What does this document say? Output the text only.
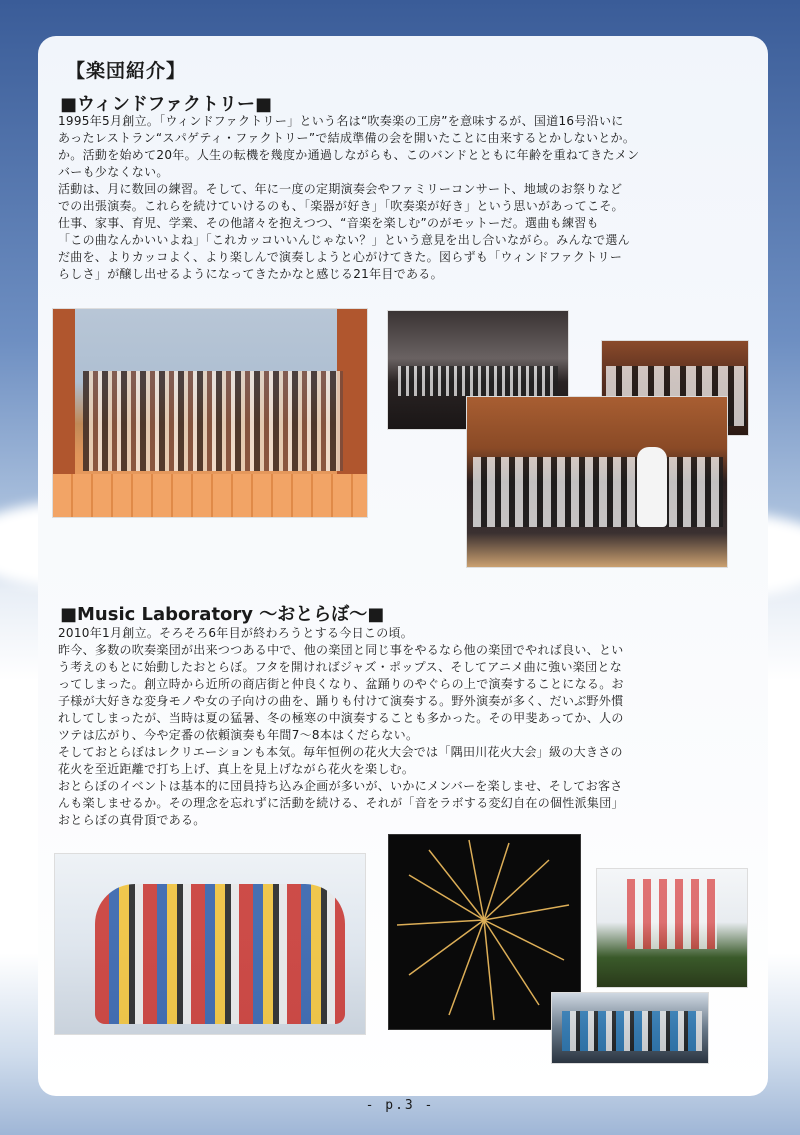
【楽団紹介】
■ウィンドファクトリー■

1995年5月創立。「ウィンドファクトリー」という名は“吹奏楽の工房”を意味するが、国道16号沿いに

あったレストラン“スパゲティ・ファクトリー”で結成準備の会を開いたことに由来するとかしないとか。

か。活動を始めて20年。人生の転機を幾度か通過しながらも、このバンドとともに年齢を重ねてきたメン

バーも少なくない。

活動は、月に数回の練習。そして、年に一度の定期演奏会やファミリーコンサート、地域のお祭りなど

での出張演奏。これらを続けていけるのも、「楽器が好き」「吹奏楽が好き」という思いがあってこそ。

仕事、家事、育児、学業、その他諸々を抱えつつ、“音楽を楽しむ”のがモットーだ。選曲も練習も

「この曲なんかいいよね」「これカッコいいんじゃない？」という意見を出し合いながら。みんなで選ん

だ曲を、よりカッコよく、より楽しんで演奏しようと心がけてきた。図らずも「ウィンドファクトリー

らしさ」が醸し出せるようになってきたかなと感じる21年目である。

■Music Laboratory ～おとらぼ～■

2010年1月創立。そろそろ6年目が終わろうとする今日この頃。

昨今、多数の吹奏楽団が出来つつある中で、他の楽団と同じ事をやるなら他の楽団でやれば良い、とい

う考えのもとに始動したおとらぼ。フタを開ければジャズ・ポップス、そしてアニメ曲に強い楽団とな

ってしまった。創立時から近所の商店街と仲良くなり、盆踊りのやぐらの上で演奏することになる。お

子様が大好きな変身モノや女の子向けの曲を、踊りも付けて演奏する。野外演奏が多く、だいぶ野外慣

れしてしまったが、当時は夏の猛暑、冬の極寒の中演奏することも多かった。その甲斐あってか、人の

ツテは広がり、今や定番の依頼演奏も年間7～8本はくだらない。

そしておとらぼはレクリエーションも本気。毎年恒例の花火大会では「隅田川花火大会」級の大きさの

花火を至近距離で打ち上げ、真上を見上げながら花火を楽しむ。

おとらぼのイベントは基本的に団員持ち込み企画が多いが、いかにメンバーを楽しませ、そしてお客さ

んも楽しませるか。その理念を忘れずに活動を続ける、それが「音をラボする変幻自在の個性派集団」

おとらぼの真骨頂である。

- p.3 -
